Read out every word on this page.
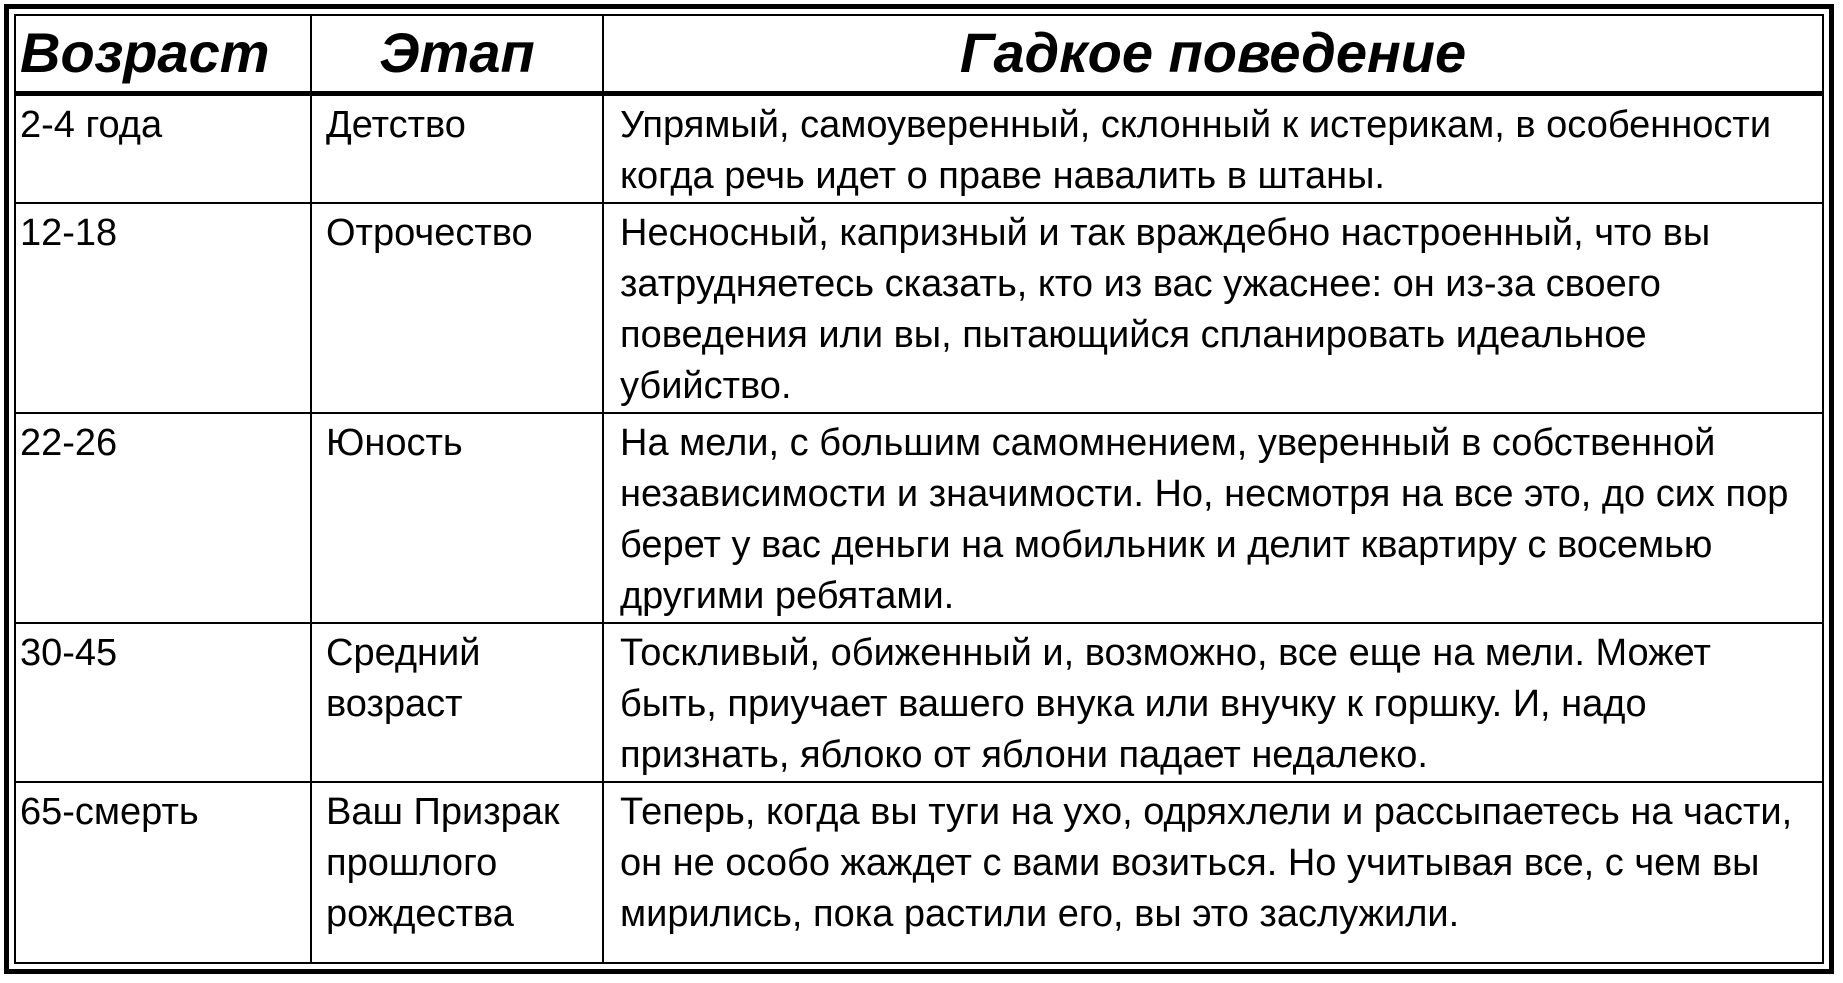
Возраст	Этап	Гадкое поведение
2-4 года	Детство	Упрямый, самоуверенный, склонный к истерикам, в особенности когда речь идет о праве навалить в штаны.
12-18	Отрочество	Несносный, капризный и так враждебно настроенный, что вы затрудняетесь сказать, кто из вас ужаснее: он из-за своего поведения или вы, пытающийся спланировать идеальное убийство.
22-26	Юность	На мели, с большим самомнением, уверенный в собственной независимости и значимости. Но, несмотря на все это, до сих пор берет у вас деньги на мобильник и делит квартиру с восемью другими ребятами.
30-45	Средний возраст	Тоскливый, обиженный и, возможно, все еще на мели. Может быть, приучает вашего внука или внучку к горшку. И, надо признать, яблоко от яблони падает недалеко.
65-смерть	Ваш Призрак прошлого рождества	Теперь, когда вы туги на ухо, одряхлели и рассыпаетесь на части, он не особо жаждет с вами возиться. Но учитывая все, с чем вы мирились, пока растили его, вы это заслужили.
